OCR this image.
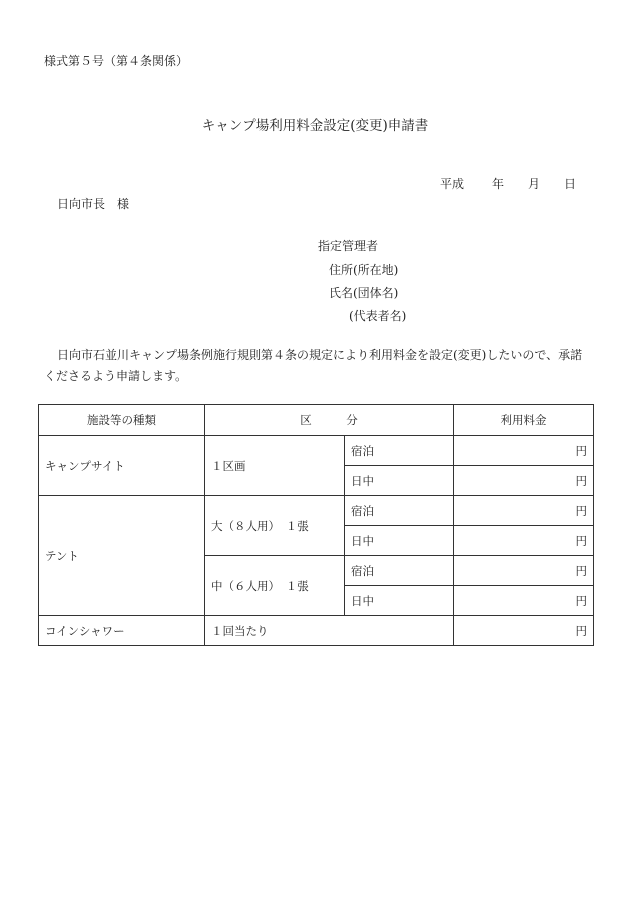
様式第５号（第４条関係）
キャンプ場利用料金設定(変更)申請書
平成 年 月 日
日向市長　様
指定管理者
住所(所在地)
氏名(団体名)
(代表者名)
日向市石並川キャンプ場条例施行規則第４条の規定により利用料金を設定(変更)したいので、承諾くださるよう申請します。
施設等の種類	区　　　分		利用料金
キャンプサイト	１区画	宿泊	円
		日中	円
テント	大（８人用）　１張	宿泊	円
		日中	円
	中（６人用）　１張	宿泊	円
		日中	円
コインシャワー	１回当たり		円
